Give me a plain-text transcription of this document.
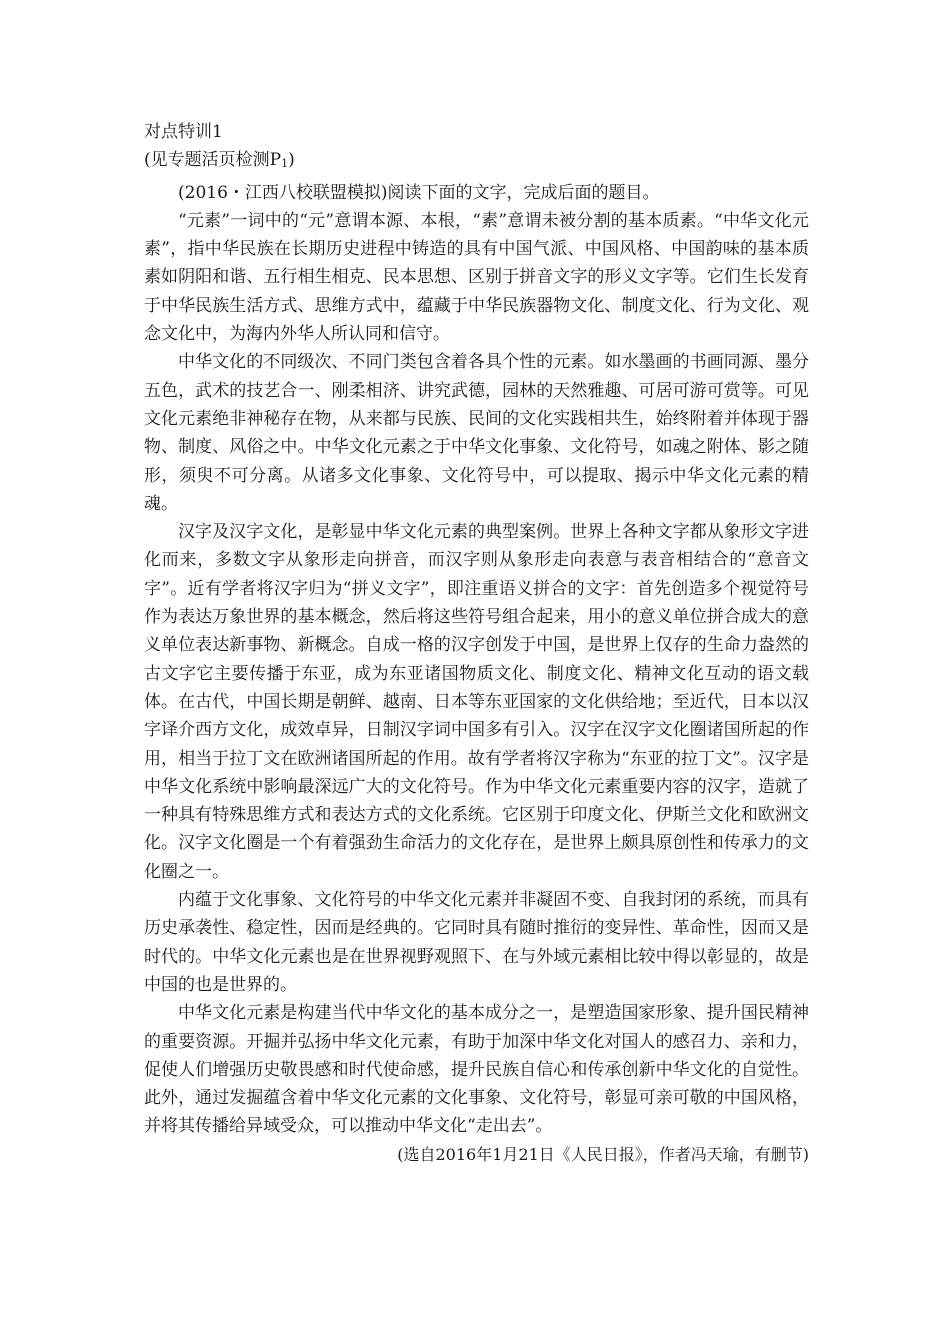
对点特训1

(见专题活页检测P1)

(2016・江西八校联盟模拟)阅读下面的文字，完成后面的题目。

“元素”一词中的“元”意谓本源、本根，“素”意谓未被分割的基本质素。“中华文化元素”，指中华民族在长期历史进程中铸造的具有中国气派、中国风格、中国韵味的基本质素如阴阳和谐、五行相生相克、民本思想、区别于拼音文字的形义文字等。它们生长发育于中华民族生活方式、思维方式中，蕴藏于中华民族器物文化、制度文化、行为文化、观念文化中，为海内外华人所认同和信守。

中华文化的不同级次、不同门类包含着各具个性的元素。如水墨画的书画同源、墨分五色，武术的技艺合一、刚柔相济、讲究武德，园林的天然雅趣、可居可游可赏等。可见文化元素绝非神秘存在物，从来都与民族、民间的文化实践相共生，始终附着并体现于器物、制度、风俗之中。中华文化元素之于中华文化事象、文化符号，如魂之附体、影之随形，须臾不可分离。从诸多文化事象、文化符号中，可以提取、揭示中华文化元素的精魂。

汉字及汉字文化，是彰显中华文化元素的典型案例。世界上各种文字都从象形文字进化而来，多数文字从象形走向拼音，而汉字则从象形走向表意与表音相结合的“意音文字”。近有学者将汉字归为“拼义文字”，即注重语义拼合的文字：首先创造多个视觉符号作为表达万象世界的基本概念，然后将这些符号组合起来，用小的意义单位拼合成大的意义单位表达新事物、新概念。自成一格的汉字创发于中国，是世界上仅存的生命力盎然的古文字它主要传播于东亚，成为东亚诸国物质文化、制度文化、精神文化互动的语文载体。在古代，中国长期是朝鲜、越南、日本等东亚国家的文化供给地；至近代，日本以汉字译介西方文化，成效卓异，日制汉字词中国多有引入。汉字在汉字文化圈诸国所起的作用，相当于拉丁文在欧洲诸国所起的作用。故有学者将汉字称为“东亚的拉丁文”。汉字是中华文化系统中影响最深远广大的文化符号。作为中华文化元素重要内容的汉字，造就了一种具有特殊思维方式和表达方式的文化系统。它区别于印度文化、伊斯兰文化和欧洲文化。汉字文化圈是一个有着强劲生命活力的文化存在，是世界上颇具原创性和传承力的文化圈之一。

内蕴于文化事象、文化符号的中华文化元素并非凝固不变、自我封闭的系统，而具有历史承袭性、稳定性，因而是经典的。它同时具有随时推衍的变异性、革命性，因而又是时代的。中华文化元素也是在世界视野观照下、在与外域元素相比较中得以彰显的，故是中国的也是世界的。

中华文化元素是构建当代中华文化的基本成分之一，是塑造国家形象、提升国民精神的重要资源。开掘并弘扬中华文化元素，有助于加深中华文化对国人的感召力、亲和力，促使人们增强历史敬畏感和时代使命感，提升民族自信心和传承创新中华文化的自觉性。此外，通过发掘蕴含着中华文化元素的文化事象、文化符号，彰显可亲可敬的中国风格，并将其传播给异域受众，可以推动中华文化“走出去”。

(选自2016年1月21日《人民日报》，作者冯天瑜，有删节)
